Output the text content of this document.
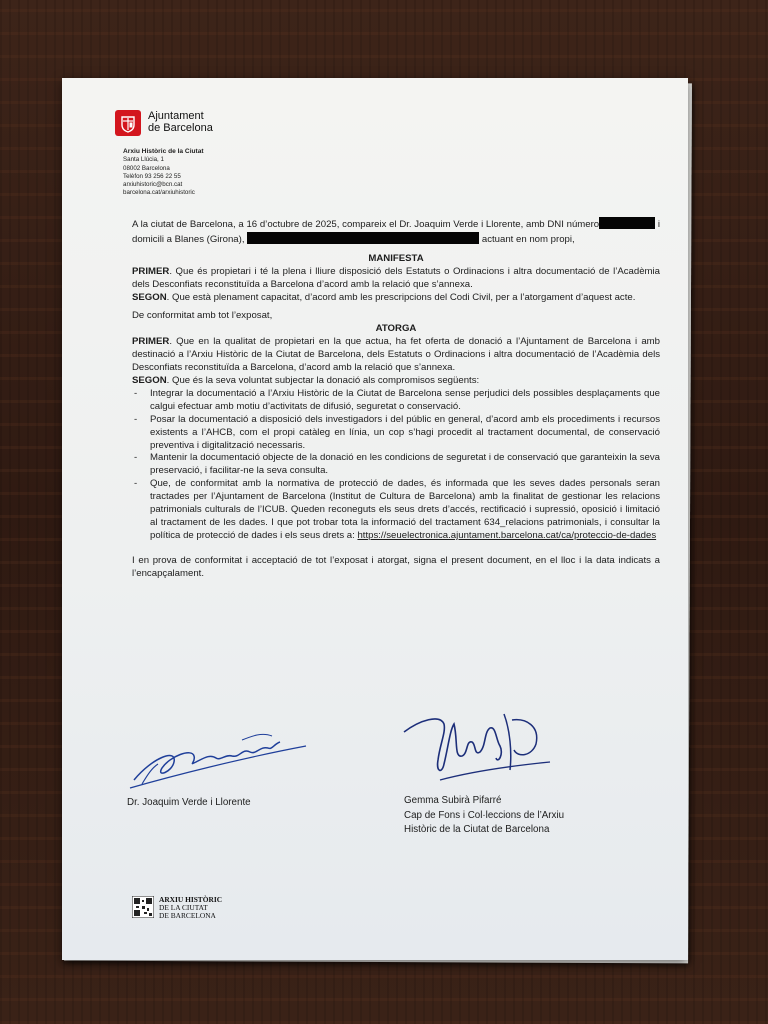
Ajuntament
de Barcelona
Arxiu Històric de la Ciutat
Santa Llúcia, 1
08002 Barcelona
Telèfon 93 256 22 55
arxiuhistoric@bcn.cat
barcelona.cat/arxiuhistoric

A la ciutat de Barcelona, a 16 d’octubre de 2025, compareix el Dr. Joaquim Verde i Llorente, amb DNI número	i domicili a Blanes (Girona),	actuant en nom propi,

MANIFESTA

PRIMER. Que és propietari i té la plena i lliure disposició dels Estatuts o Ordinacions i altra documentació de l’Acadèmia dels Desconfiats reconstituïda a Barcelona d’acord amb la relació que s’annexa.

SEGON. Que està plenament capacitat, d’acord amb les prescripcions del Codi Civil, per a l’atorgament d’aquest acte.

De conformitat amb tot l’exposat,

ATORGA

PRIMER. Que en la qualitat de propietari en la que actua, ha fet oferta de donació a l’Ajuntament de Barcelona i amb destinació a l’Arxiu Històric de la Ciutat de Barcelona, dels Estatuts o Ordinacions i altra documentació de l’Acadèmia dels Desconfiats reconstituïda a Barcelona, d’acord amb la relació que s’annexa.

SEGON. Que és la seva voluntat subjectar la donació als compromisos següents:

- Integrar la documentació a l’Arxiu Històric de la Ciutat de Barcelona sense perjudici dels possibles desplaçaments que calgui efectuar amb motiu d’activitats de difusió, seguretat o conservació.
- Posar la documentació a disposició dels investigadors i del públic en general, d’acord amb els procediments i recursos existents a l’AHCB, com el propi catàleg en línia, un cop s’hagi procedit al tractament documental, de conservació preventiva i digitalització necessaris.
- Mantenir la documentació objecte de la donació en les condicions de seguretat i de conservació que garanteixin la seva preservació, i facilitar-ne la seva consulta.
- Que, de conformitat amb la normativa de protecció de dades, és informada que les seves dades personals seran tractades per l’Ajuntament de Barcelona (Institut de Cultura de Barcelona) amb la finalitat de gestionar les relacions patrimonials culturals de l’ICUB. Queden reconeguts els seus drets d’accés, rectificació i supressió, oposició i limitació al tractament de les dades. I que pot trobar tota la informació del tractament 634_relacions patrimonials, i consultar la política de protecció de dades i els seus drets a: https://seuelectronica.ajuntament.barcelona.cat/ca/proteccio-de-dades

I en prova de conformitat i acceptació de tot l’exposat i atorgat, signa el present document, en el lloc i la data indicats a l’encapçalament.

Dr. Joaquim Verde i Llorente	Gemma Subirà Pifarré
Cap de Fons i Col·leccions de l’Arxiu
Històric de la Ciutat de Barcelona
ARXIU HISTÒRIC
DE LA CIUTAT
DE BARCELONA
